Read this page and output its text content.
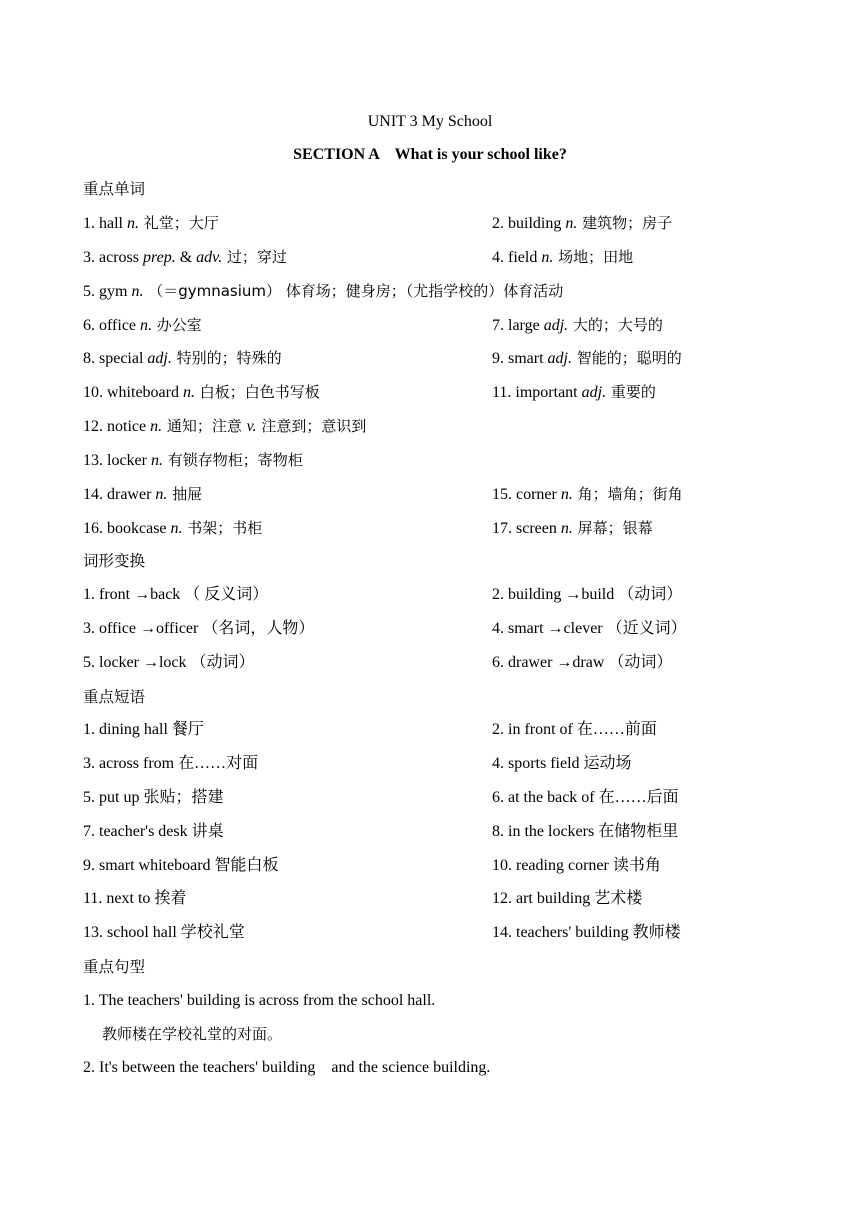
UNIT 3 My School
SECTION A    What is your school like?
重点单词
1. hall n. 礼堂；大厅	2. building n. 建筑物；房子
3. across prep. & adv. 过；穿过	4. field n. 场地；田地
5. gym n. （＝gymnasium） 体育场；健身房；（尤指学校的）体育活动
6. office n. 办公室	7. large adj. 大的；大号的
8. special adj. 特别的；特殊的	9. smart adj. 智能的；聪明的
10. whiteboard n. 白板；白色书写板	11. important adj. 重要的
12. notice n. 通知；注意 v. 注意到；意识到
13. locker n. 有锁存物柜；寄物柜
14. drawer n. 抽屉	15. corner n. 角；墙角；街角
16. bookcase n. 书架；书柜	17. screen n. 屏幕；银幕
词形变换
1. front →back （ 反义词）	2. building →build （动词）
3. office →officer （名词，人物）	4. smart →clever （近义词）
5. locker →lock （动词）	6. drawer →draw （动词）
重点短语
1. dining hall 餐厅	2. in front of 在……前面
3. across from 在……对面	4. sports field 运动场
5. put up 张贴；搭建	6. at the back of 在……后面
7. teacher's desk 讲桌	8. in the lockers 在储物柜里
9. smart whiteboard 智能白板	10. reading corner 读书角
11. next to 挨着	12. art building 艺术楼
13. school hall 学校礼堂	14. teachers' building 教师楼
重点句型
1. The teachers' building is across from the school hall.
教师楼在学校礼堂的对面。
2. It's between the teachers' building    and the science building.
